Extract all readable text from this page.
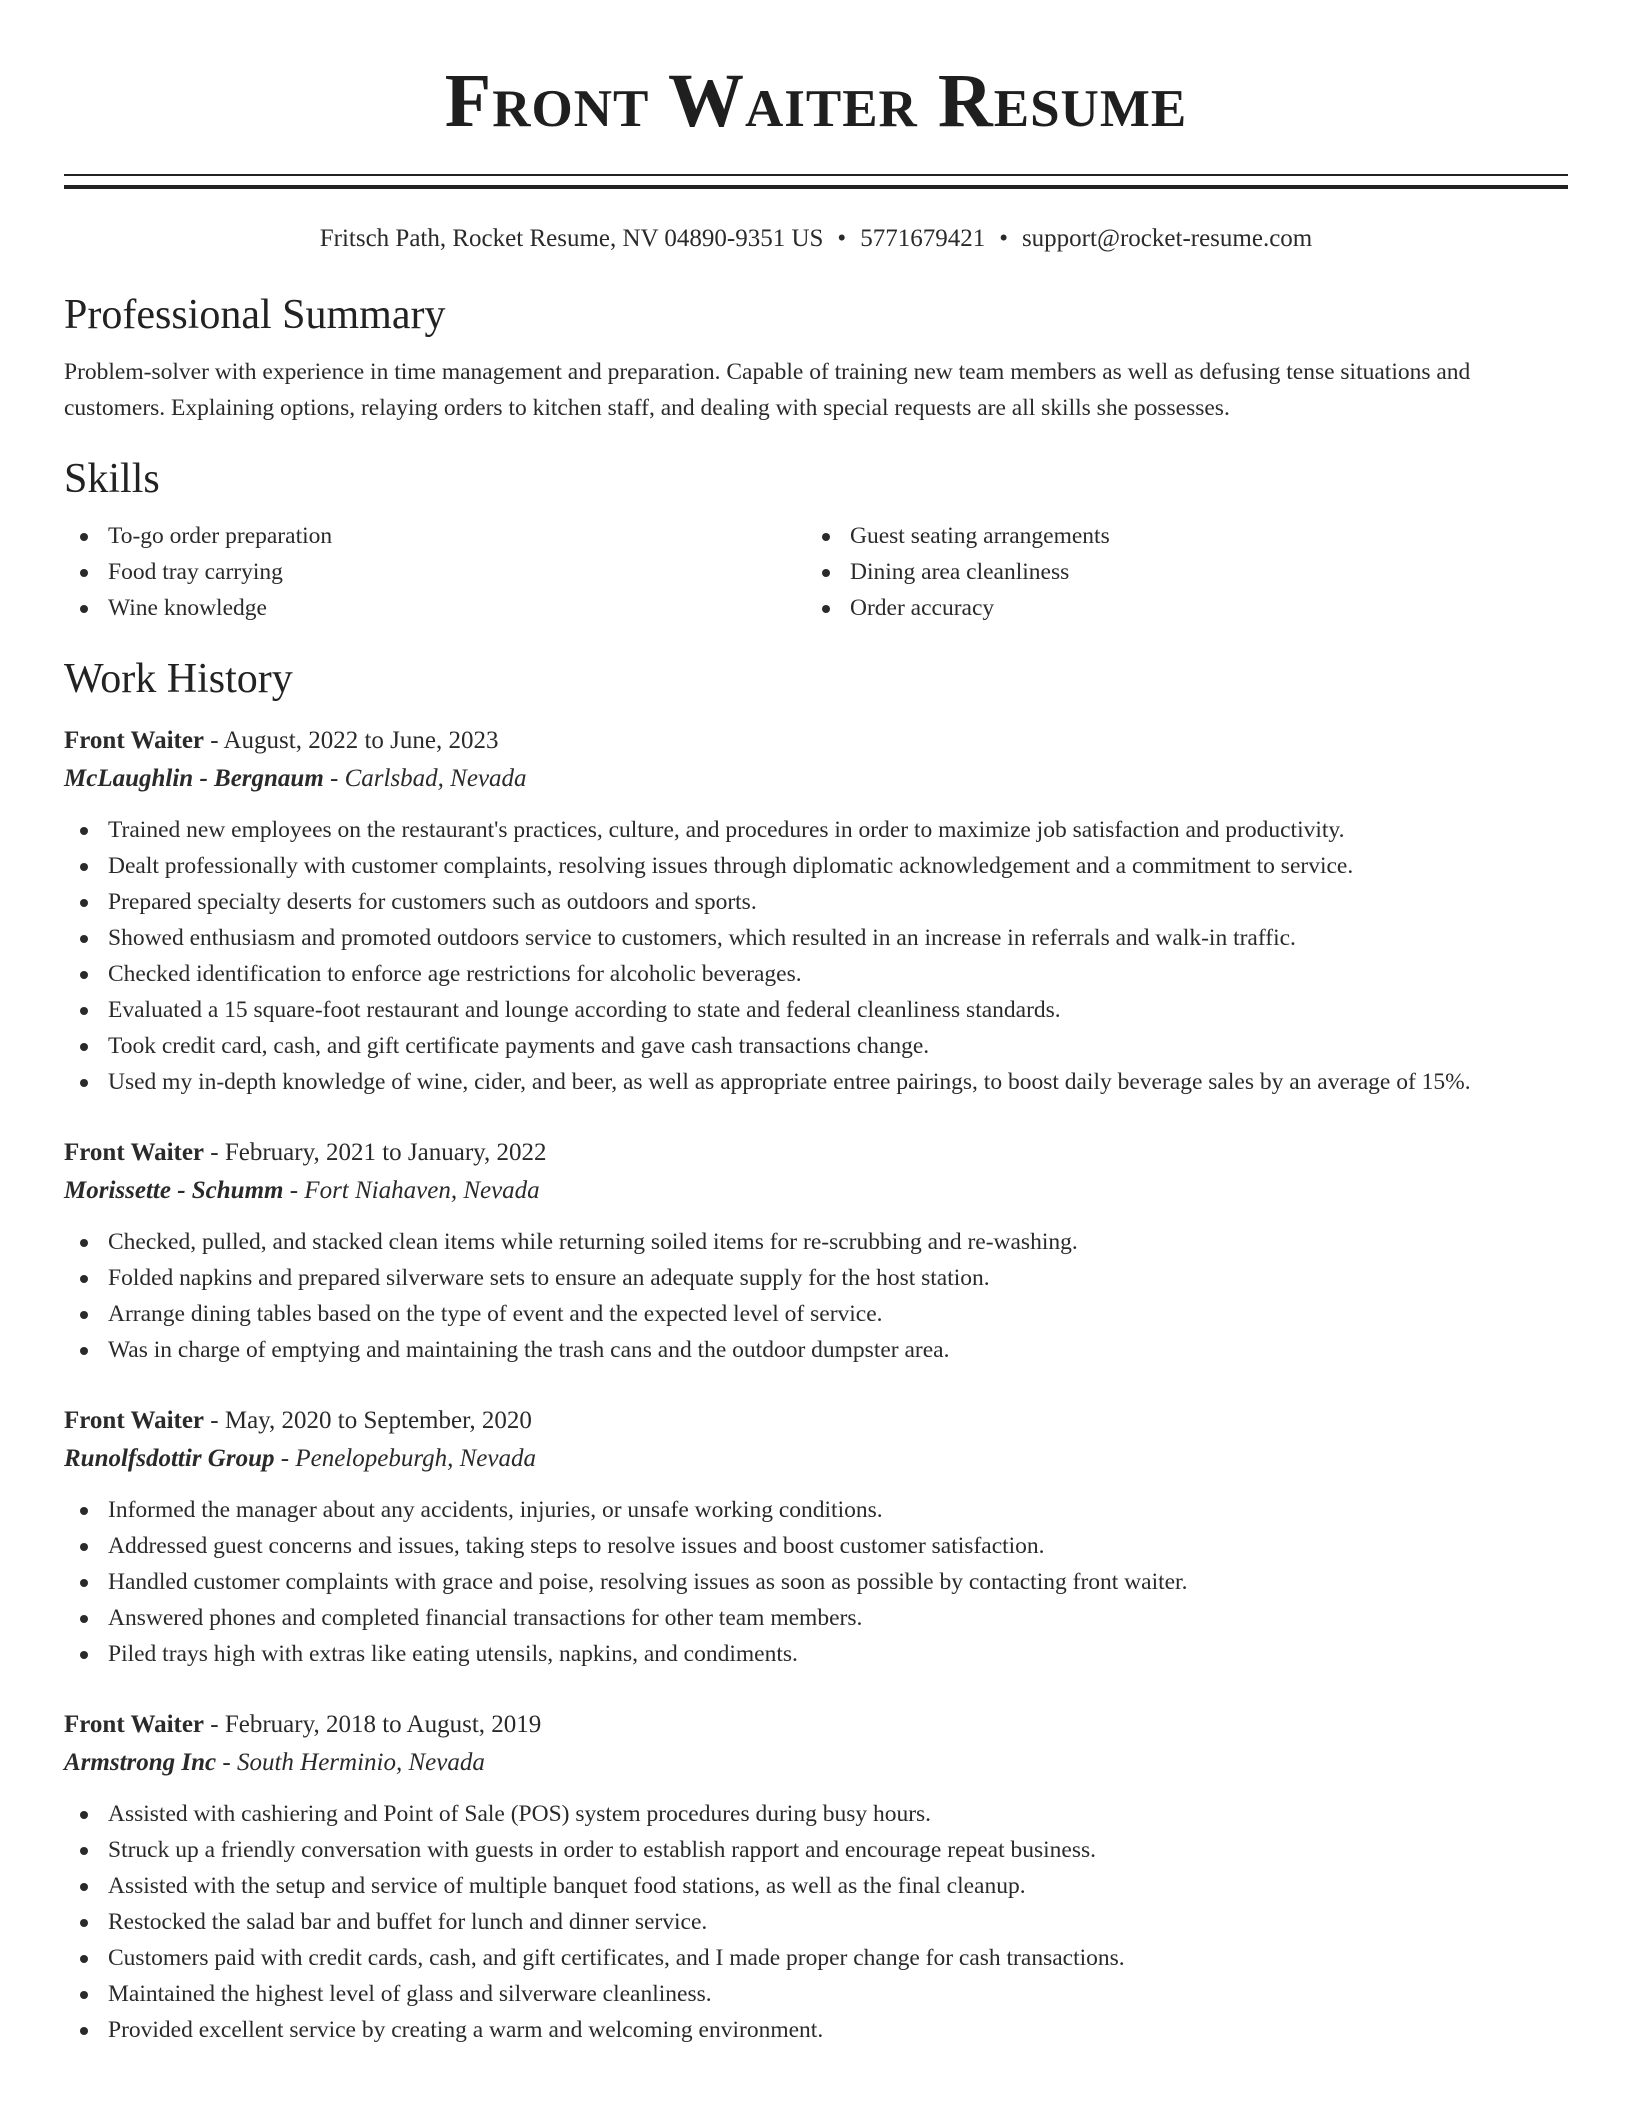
Front Waiter Resume
Fritsch Path, Rocket Resume, NV 04890-9351 US • 5771679421 • support@rocket-resume.com
Professional Summary
Problem-solver with experience in time management and preparation. Capable of training new team members as well as defusing tense situations and customers. Explaining options, relaying orders to kitchen staff, and dealing with special requests are all skills she possesses.
Skills
To-go order preparation
Food tray carrying
Wine knowledge
Guest seating arrangements
Dining area cleanliness
Order accuracy
Work History
Front Waiter - August, 2022 to June, 2023
McLaughlin - Bergnaum - Carlsbad, Nevada
Trained new employees on the restaurant's practices, culture, and procedures in order to maximize job satisfaction and productivity.
Dealt professionally with customer complaints, resolving issues through diplomatic acknowledgement and a commitment to service.
Prepared specialty deserts for customers such as outdoors and sports.
Showed enthusiasm and promoted outdoors service to customers, which resulted in an increase in referrals and walk-in traffic.
Checked identification to enforce age restrictions for alcoholic beverages.
Evaluated a 15 square-foot restaurant and lounge according to state and federal cleanliness standards.
Took credit card, cash, and gift certificate payments and gave cash transactions change.
Used my in-depth knowledge of wine, cider, and beer, as well as appropriate entree pairings, to boost daily beverage sales by an average of 15%.
Front Waiter - February, 2021 to January, 2022
Morissette - Schumm - Fort Niahaven, Nevada
Checked, pulled, and stacked clean items while returning soiled items for re-scrubbing and re-washing.
Folded napkins and prepared silverware sets to ensure an adequate supply for the host station.
Arrange dining tables based on the type of event and the expected level of service.
Was in charge of emptying and maintaining the trash cans and the outdoor dumpster area.
Front Waiter - May, 2020 to September, 2020
Runolfsdottir Group - Penelopeburgh, Nevada
Informed the manager about any accidents, injuries, or unsafe working conditions.
Addressed guest concerns and issues, taking steps to resolve issues and boost customer satisfaction.
Handled customer complaints with grace and poise, resolving issues as soon as possible by contacting front waiter.
Answered phones and completed financial transactions for other team members.
Piled trays high with extras like eating utensils, napkins, and condiments.
Front Waiter - February, 2018 to August, 2019
Armstrong Inc - South Herminio, Nevada
Assisted with cashiering and Point of Sale (POS) system procedures during busy hours.
Struck up a friendly conversation with guests in order to establish rapport and encourage repeat business.
Assisted with the setup and service of multiple banquet food stations, as well as the final cleanup.
Restocked the salad bar and buffet for lunch and dinner service.
Customers paid with credit cards, cash, and gift certificates, and I made proper change for cash transactions.
Maintained the highest level of glass and silverware cleanliness.
Provided excellent service by creating a warm and welcoming environment.
